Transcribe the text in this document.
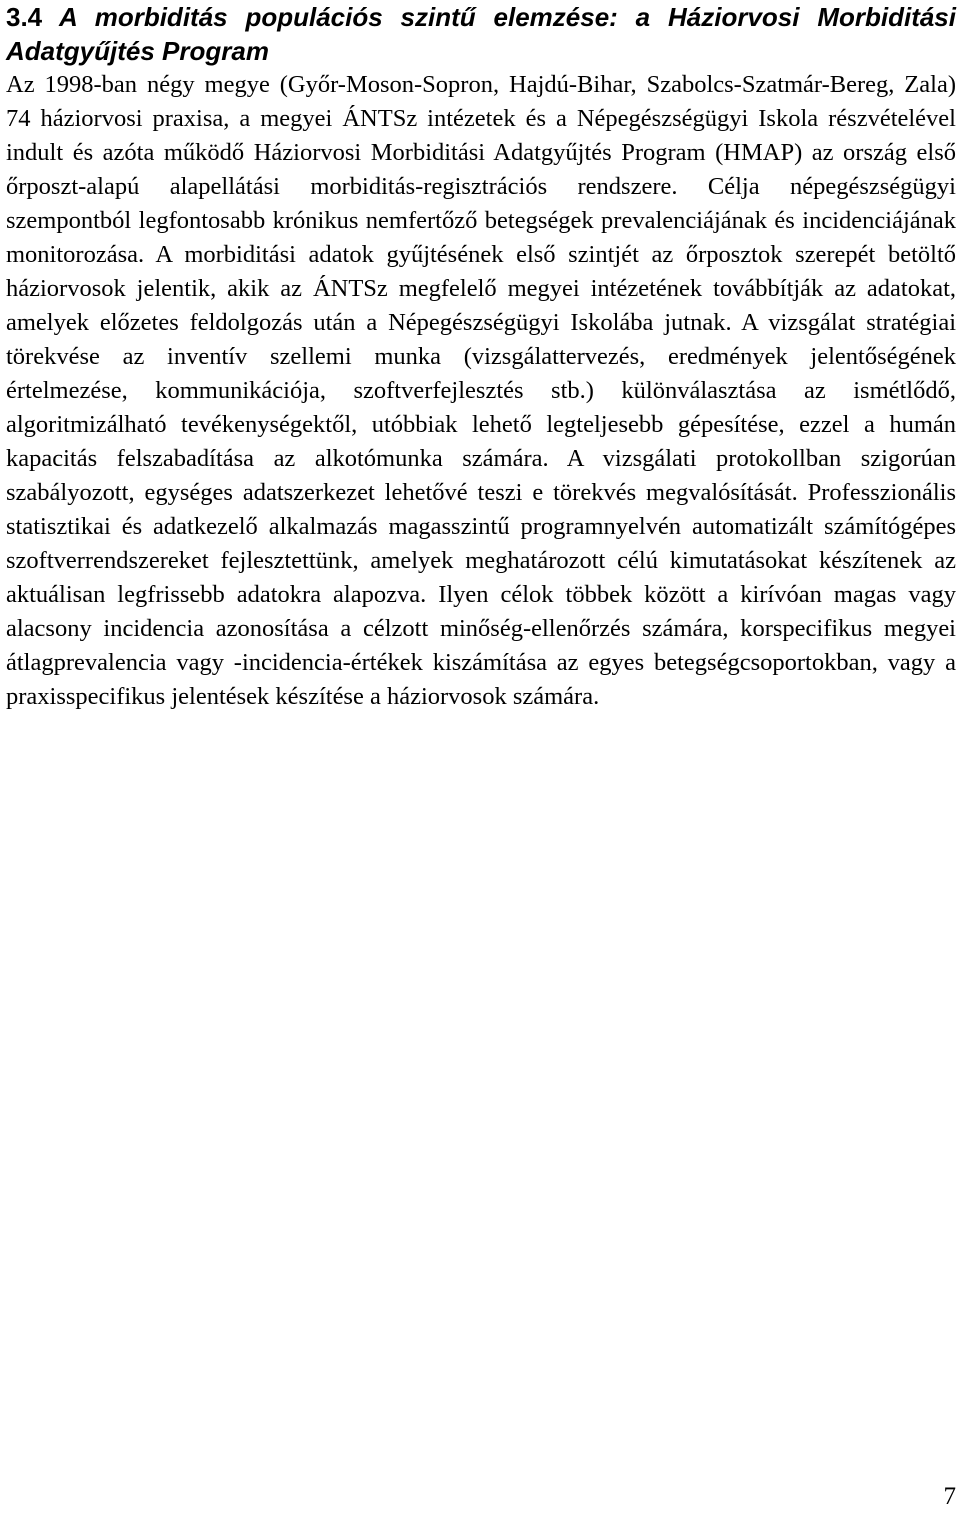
3.4 A morbiditás populációs szintű elemzése: a Háziorvosi Morbiditási Adatgyűjtés Program

Az 1998-ban négy megye (Győr-Moson-Sopron, Hajdú-Bihar, Szabolcs-Szatmár-Bereg, Zala) 74 háziorvosi praxisa, a megyei ÁNTSz intézetek és a Népegészségügyi Iskola részvételével indult és azóta működő Háziorvosi Morbiditási Adatgyűjtés Program (HMAP) az ország első őrposzt-alapú alapellátási morbiditás-regisztrációs rendszere. Célja népegészségügyi szempontból legfontosabb krónikus nemfertőző betegségek prevalenciájának és incidenciájának monitorozása. A morbiditási adatok gyűjtésének első szintjét az őrposztok szerepét betöltő háziorvosok jelentik, akik az ÁNTSz megfelelő megyei intézetének továbbítják az adatokat, amelyek előzetes feldolgozás után a Népegészségügyi Iskolába jutnak. A vizsgálat stratégiai törekvése az inventív szellemi munka (vizsgálattervezés, eredmények jelentőségének értelmezése, kommunikációja, szoftverfejlesztés stb.) különválasztása az ismétlődő, algoritmizálható tevékenységektől, utóbbiak lehető legteljesebb gépesítése, ezzel a humán kapacitás felszabadítása az alkotómunka számára. A vizsgálati protokollban szigorúan szabályozott, egységes adatszerkezet lehetővé teszi e törekvés megvalósítását. Professzionális statisztikai és adatkezelő alkalmazás magasszintű programnyelvén automatizált számítógépes szoftverrendszereket fejlesztettünk, amelyek meghatározott célú kimutatásokat készítenek az aktuálisan legfrissebb adatokra alapozva. Ilyen célok többek között a kirívóan magas vagy alacsony incidencia azonosítása a célzott minőség-ellenőrzés számára, korspecifikus megyei átlagprevalencia vagy -incidencia-értékek kiszámítása az egyes betegségcsoportokban, vagy a praxisspecifikus jelentések készítése a háziorvosok számára.

7
